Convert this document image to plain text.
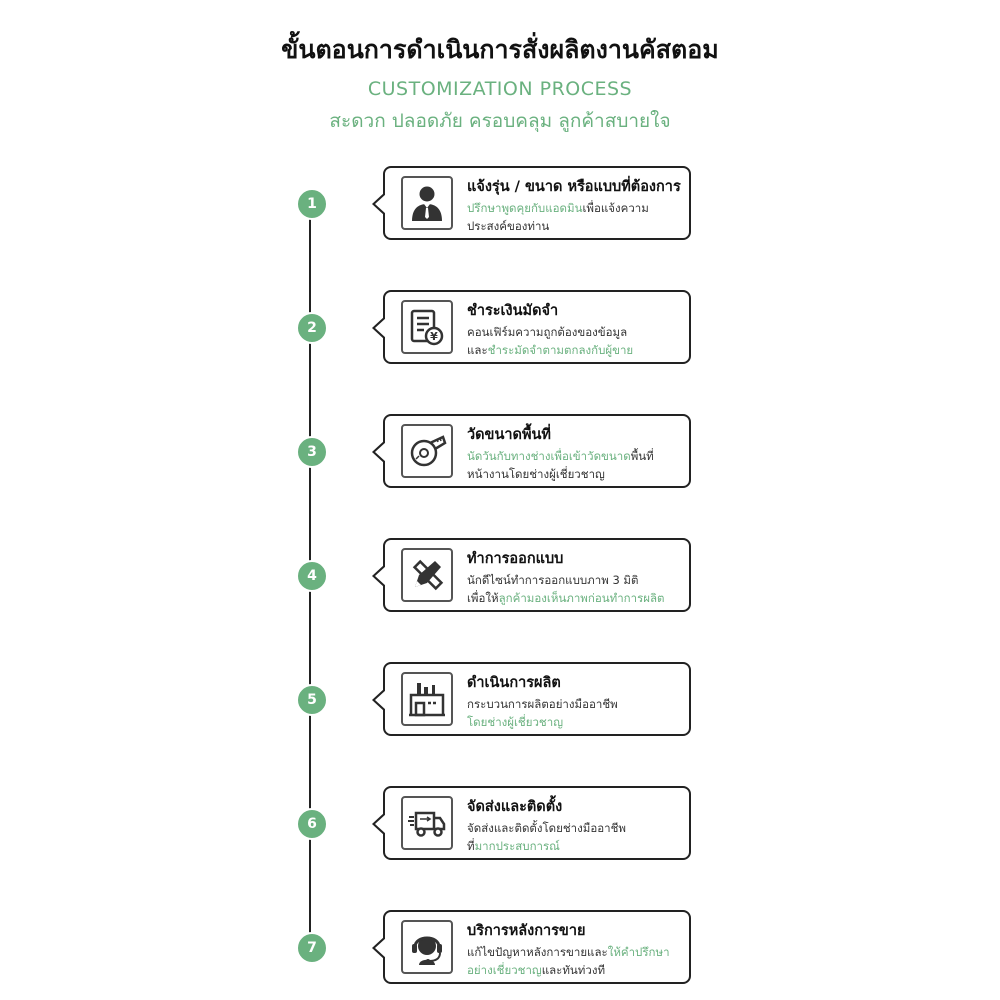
ขั้นตอนการดำเนินการสั่งผลิตงานคัสตอม
CUSTOMIZATION PROCESS
สะดวก ปลอดภัย ครอบคลุม ลูกค้าสบายใจ
1
แจ้งรุ่น / ขนาด หรือแบบที่ต้องการ
ปรึกษาพูดคุยกับแอดมินเพื่อแจ้งความ
ประสงค์ของท่าน
2
¥
ชำระเงินมัดจำ
คอนเฟิร์มความถูกต้องของข้อมูล
และชำระมัดจำตามตกลงกับผู้ขาย
3
วัดขนาดพื้นที่
นัดวันกับทางช่างเพื่อเข้าวัดขนาดพื้นที่
หน้างานโดยช่างผู้เชี่ยวชาญ
4
ทำการออกแบบ
นักดีไซน์ทำการออกแบบภาพ 3 มิติ
เพื่อให้ลูกค้ามองเห็นภาพก่อนทำการผลิต
5
ดำเนินการผลิต
กระบวนการผลิตอย่างมืออาชีพ
โดยช่างผู้เชี่ยวชาญ
6
จัดส่งและติดตั้ง
จัดส่งและติดตั้งโดยช่างมืออาชีพ
ที่มากประสบการณ์
7
บริการหลังการขาย
แก้ไขปัญหาหลังการขายและให้คำปรึกษา
อย่างเชี่ยวชาญและทันท่วงที
